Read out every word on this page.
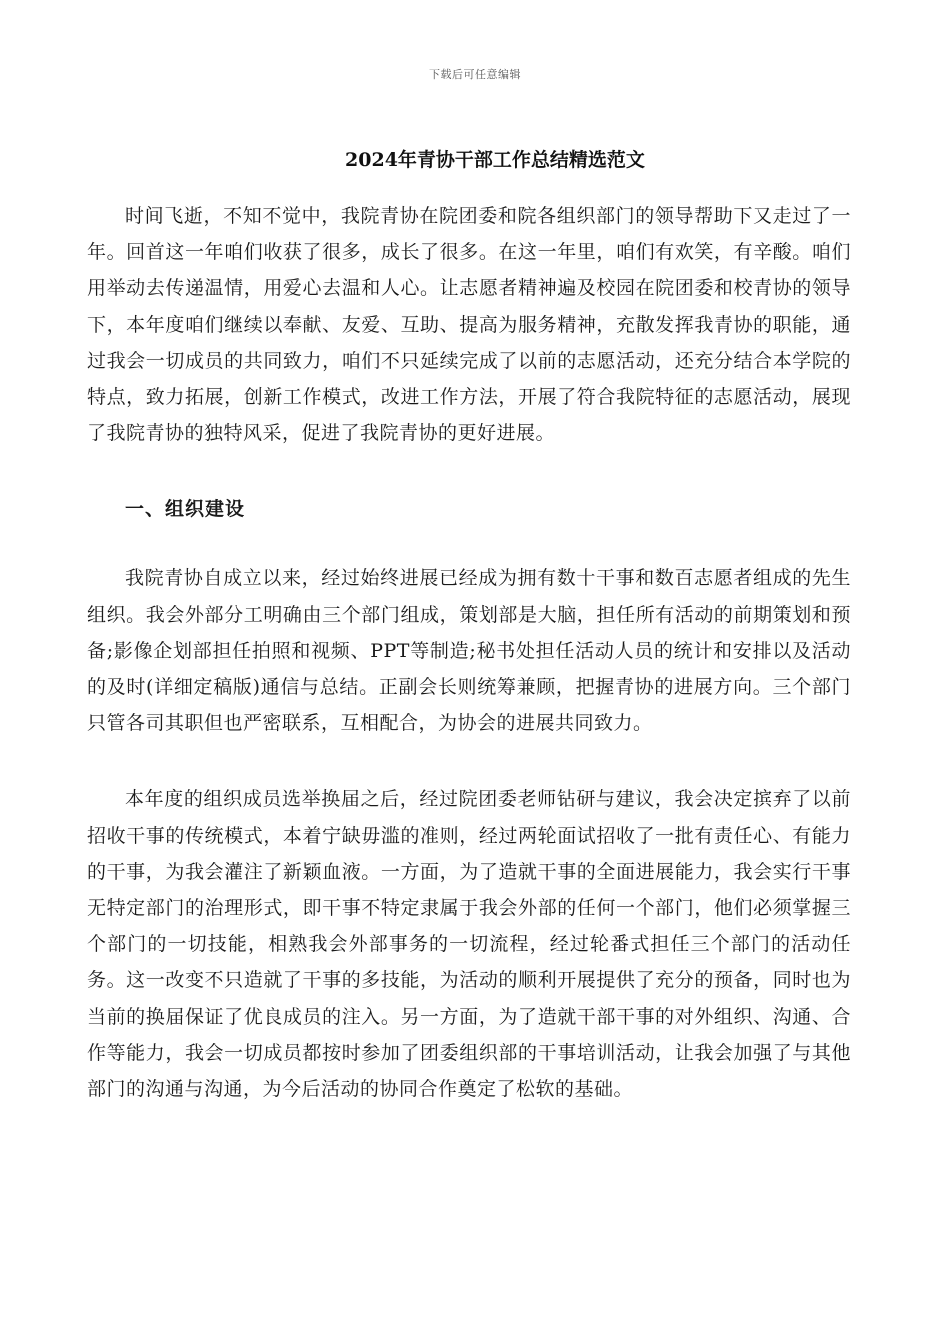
下载后可任意编辑
2024年青协干部工作总结精选范文

时间飞逝，不知不觉中，我院青协在院团委和院各组织部门的领导帮助下又走过了一年。回首这一年咱们收获了很多，成长了很多。在这一年里，咱们有欢笑，有辛酸。咱们用举动去传递温情，用爱心去温和人心。让志愿者精神遍及校园在院团委和校青协的领导下，本年度咱们继续以奉献、友爱、互助、提高为服务精神，充散发挥我青协的职能，通过我会一切成员的共同致力，咱们不只延续完成了以前的志愿活动，还充分结合本学院的特点，致力拓展，创新工作模式，改进工作方法，开展了符合我院特征的志愿活动，展现了我院青协的独特风采，促进了我院青协的更好进展。

一、组织建设

我院青协自成立以来，经过始终进展已经成为拥有数十干事和数百志愿者组成的先生组织。我会外部分工明确由三个部门组成，策划部是大脑，担任所有活动的前期策划和预备;影像企划部担任拍照和视频、PPT等制造;秘书处担任活动人员的统计和安排以及活动的及时(详细定稿版)通信与总结。正副会长则统筹兼顾，把握青协的进展方向。三个部门只管各司其职但也严密联系，互相配合，为协会的进展共同致力。

本年度的组织成员选举换届之后，经过院团委老师钻研与建议，我会决定摈弃了以前招收干事的传统模式，本着宁缺毋滥的准则，经过两轮面试招收了一批有责任心、有能力的干事，为我会灌注了新颖血液。一方面，为了造就干事的全面进展能力，我会实行干事无特定部门的治理形式，即干事不特定隶属于我会外部的任何一个部门，他们必须掌握三个部门的一切技能，相熟我会外部事务的一切流程，经过轮番式担任三个部门的活动任务。这一改变不只造就了干事的多技能，为活动的顺利开展提供了充分的预备，同时也为当前的换届保证了优良成员的注入。另一方面，为了造就干部干事的对外组织、沟通、合作等能力，我会一切成员都按时参加了团委组织部的干事培训活动，让我会加强了与其他部门的沟通与沟通，为今后活动的协同合作奠定了松软的基础。
